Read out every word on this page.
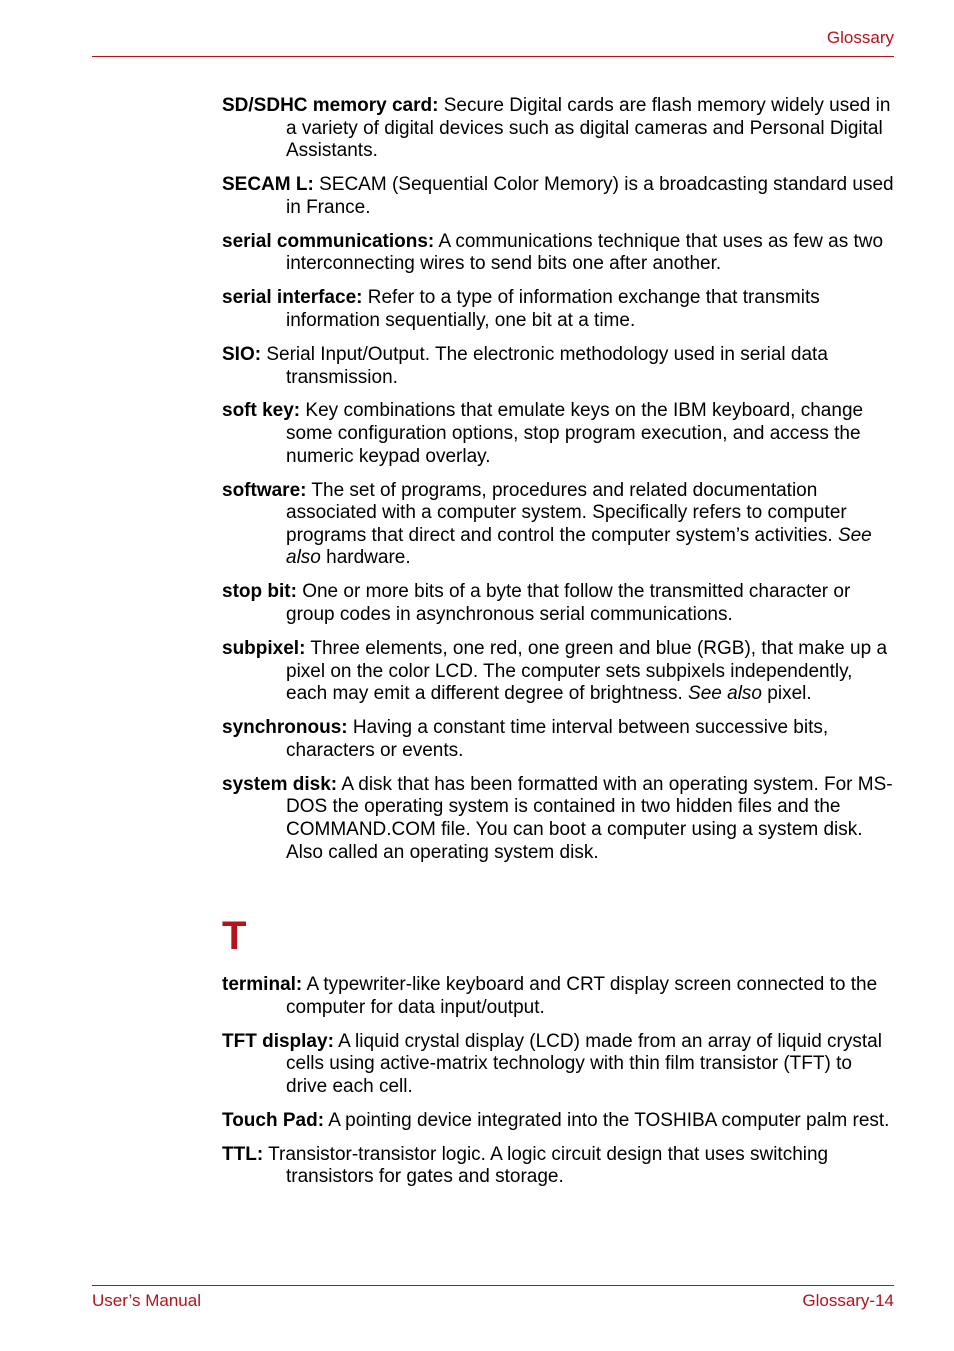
Glossary

SD/SDHC memory card: Secure Digital cards are flash memory widely used in a variety of digital devices such as digital cameras and Personal Digital Assistants.

SECAM L: SECAM (Sequential Color Memory) is a broadcasting standard used in France.

serial communications: A communications technique that uses as few as two interconnecting wires to send bits one after another.

serial interface: Refer to a type of information exchange that transmits information sequentially, one bit at a time.

SIO: Serial Input/Output. The electronic methodology used in serial data transmission.

soft key: Key combinations that emulate keys on the IBM keyboard, change some configuration options, stop program execution, and access the numeric keypad overlay.

software: The set of programs, procedures and related documentation associated with a computer system. Specifically refers to computer programs that direct and control the computer system’s activities. See also hardware.

stop bit: One or more bits of a byte that follow the transmitted character or group codes in asynchronous serial communications.

subpixel: Three elements, one red, one green and blue (RGB), that make up a pixel on the color LCD. The computer sets subpixels independently, each may emit a different degree of brightness. See also pixel.

synchronous: Having a constant time interval between successive bits, characters or events.

system disk: A disk that has been formatted with an operating system. For MS-DOS the operating system is contained in two hidden files and the COMMAND.COM file. You can boot a computer using a system disk. Also called an operating system disk.

T

terminal: A typewriter-like keyboard and CRT display screen connected to the computer for data input/output.

TFT display: A liquid crystal display (LCD) made from an array of liquid crystal cells using active-matrix technology with thin film transistor (TFT) to drive each cell.

Touch Pad: A pointing device integrated into the TOSHIBA computer palm rest.

TTL: Transistor-transistor logic. A logic circuit design that uses switching transistors for gates and storage.

User’s Manual	Glossary-14
